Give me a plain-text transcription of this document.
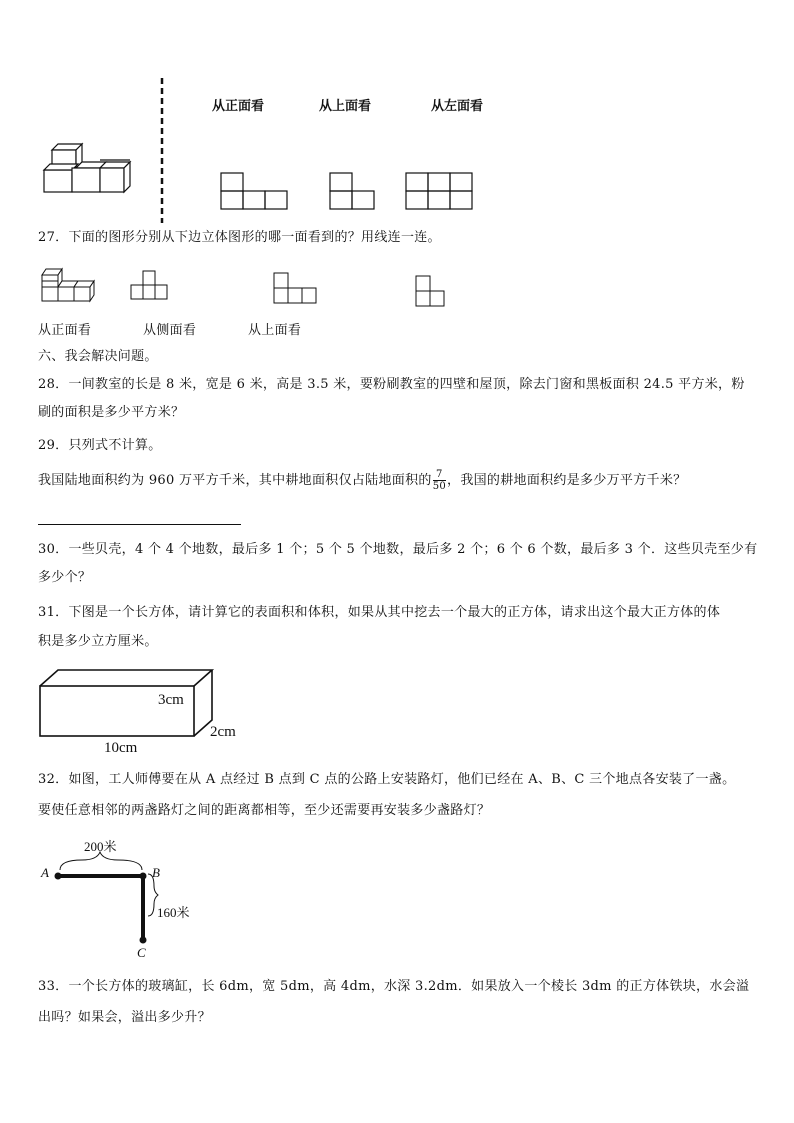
从正面看	从上面看	从左面看
27．下面的图形分别从下边立体图形的哪一面看到的？用线连一连。
从正面看	从侧面看	从上面看
六、我会解决问题。
28．一间教室的长是 8 米，宽是 6 米，高是 3.5 米，要粉刷教室的四壁和屋顶，除去门窗和黑板面积 24.5 平方米，粉
刷的面积是多少平方米？
29．只列式不计算。
我国陆地面积约为 960 万平方千米，其中耕地面积仅占陆地面积的 $\frac{7}{50}$ ，我国的耕地面积约是多少万平方千米？
30．一些贝壳，4 个 4 个地数，最后多 1 个；5 个 5 个地数，最后多 2 个；6 个 6 个数，最后多 3 个．这些贝壳至少有
多少个？
31．下图是一个长方体，请计算它的表面积和体积，如果从其中挖去一个最大的正方体，请求出这个最大正方体的体
积是多少立方厘米。
3cm
2cm
10cm
32．如图，工人师傅要在从 A 点经过 B 点到 C 点的公路上安装路灯，他们已经在 A、B、C 三个地点各安装了一盏。
要使任意相邻的两盏路灯之间的距离都相等，至少还需要再安装多少盏路灯？
200米
160米
A	B
C
33．一个长方体的玻璃缸，长 6dm，宽 5dm，高 4dm，水深 3.2dm．如果放入一个棱长 3dm 的正方体铁块，水会溢
出吗？如果会，溢出多少升？
